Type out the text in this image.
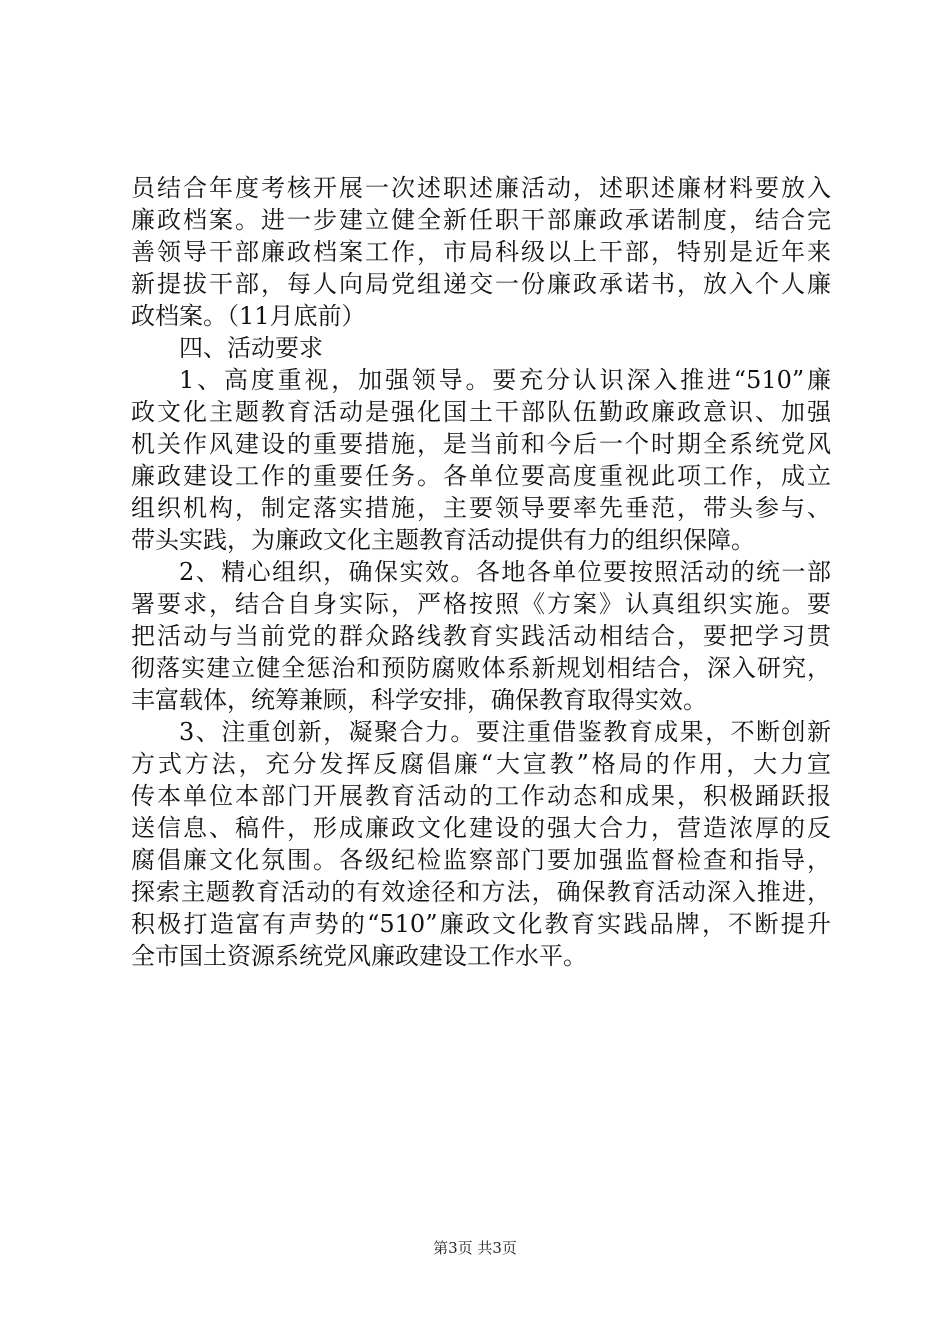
员结合年度考核开展一次述职述廉活动，述职述廉材料要放入
廉政档案。进一步建立健全新任职干部廉政承诺制度，结合完
善领导干部廉政档案工作，市局科级以上干部，特别是近年来
新提拔干部，每人向局党组递交一份廉政承诺书，放入个人廉
政档案。（11月底前）
四、活动要求
1、高度重视，加强领导。要充分认识深入推进“510”廉
政文化主题教育活动是强化国土干部队伍勤政廉政意识、加强
机关作风建设的重要措施，是当前和今后一个时期全系统党风
廉政建设工作的重要任务。各单位要高度重视此项工作，成立
组织机构，制定落实措施，主要领导要率先垂范，带头参与、
带头实践，为廉政文化主题教育活动提供有力的组织保障。
2、精心组织，确保实效。各地各单位要按照活动的统一部
署要求，结合自身实际，严格按照《方案》认真组织实施。要
把活动与当前党的群众路线教育实践活动相结合，要把学习贯
彻落实建立健全惩治和预防腐败体系新规划相结合，深入研究，
丰富载体，统筹兼顾，科学安排，确保教育取得实效。
3、注重创新，凝聚合力。要注重借鉴教育成果，不断创新
方式方法，充分发挥反腐倡廉“大宣教”格局的作用，大力宣
传本单位本部门开展教育活动的工作动态和成果，积极踊跃报
送信息、稿件，形成廉政文化建设的强大合力，营造浓厚的反
腐倡廉文化氛围。各级纪检监察部门要加强监督检查和指导，
探索主题教育活动的有效途径和方法，确保教育活动深入推进，
积极打造富有声势的“510”廉政文化教育实践品牌，不断提升
全市国土资源系统党风廉政建设工作水平。
第3页 共3页
